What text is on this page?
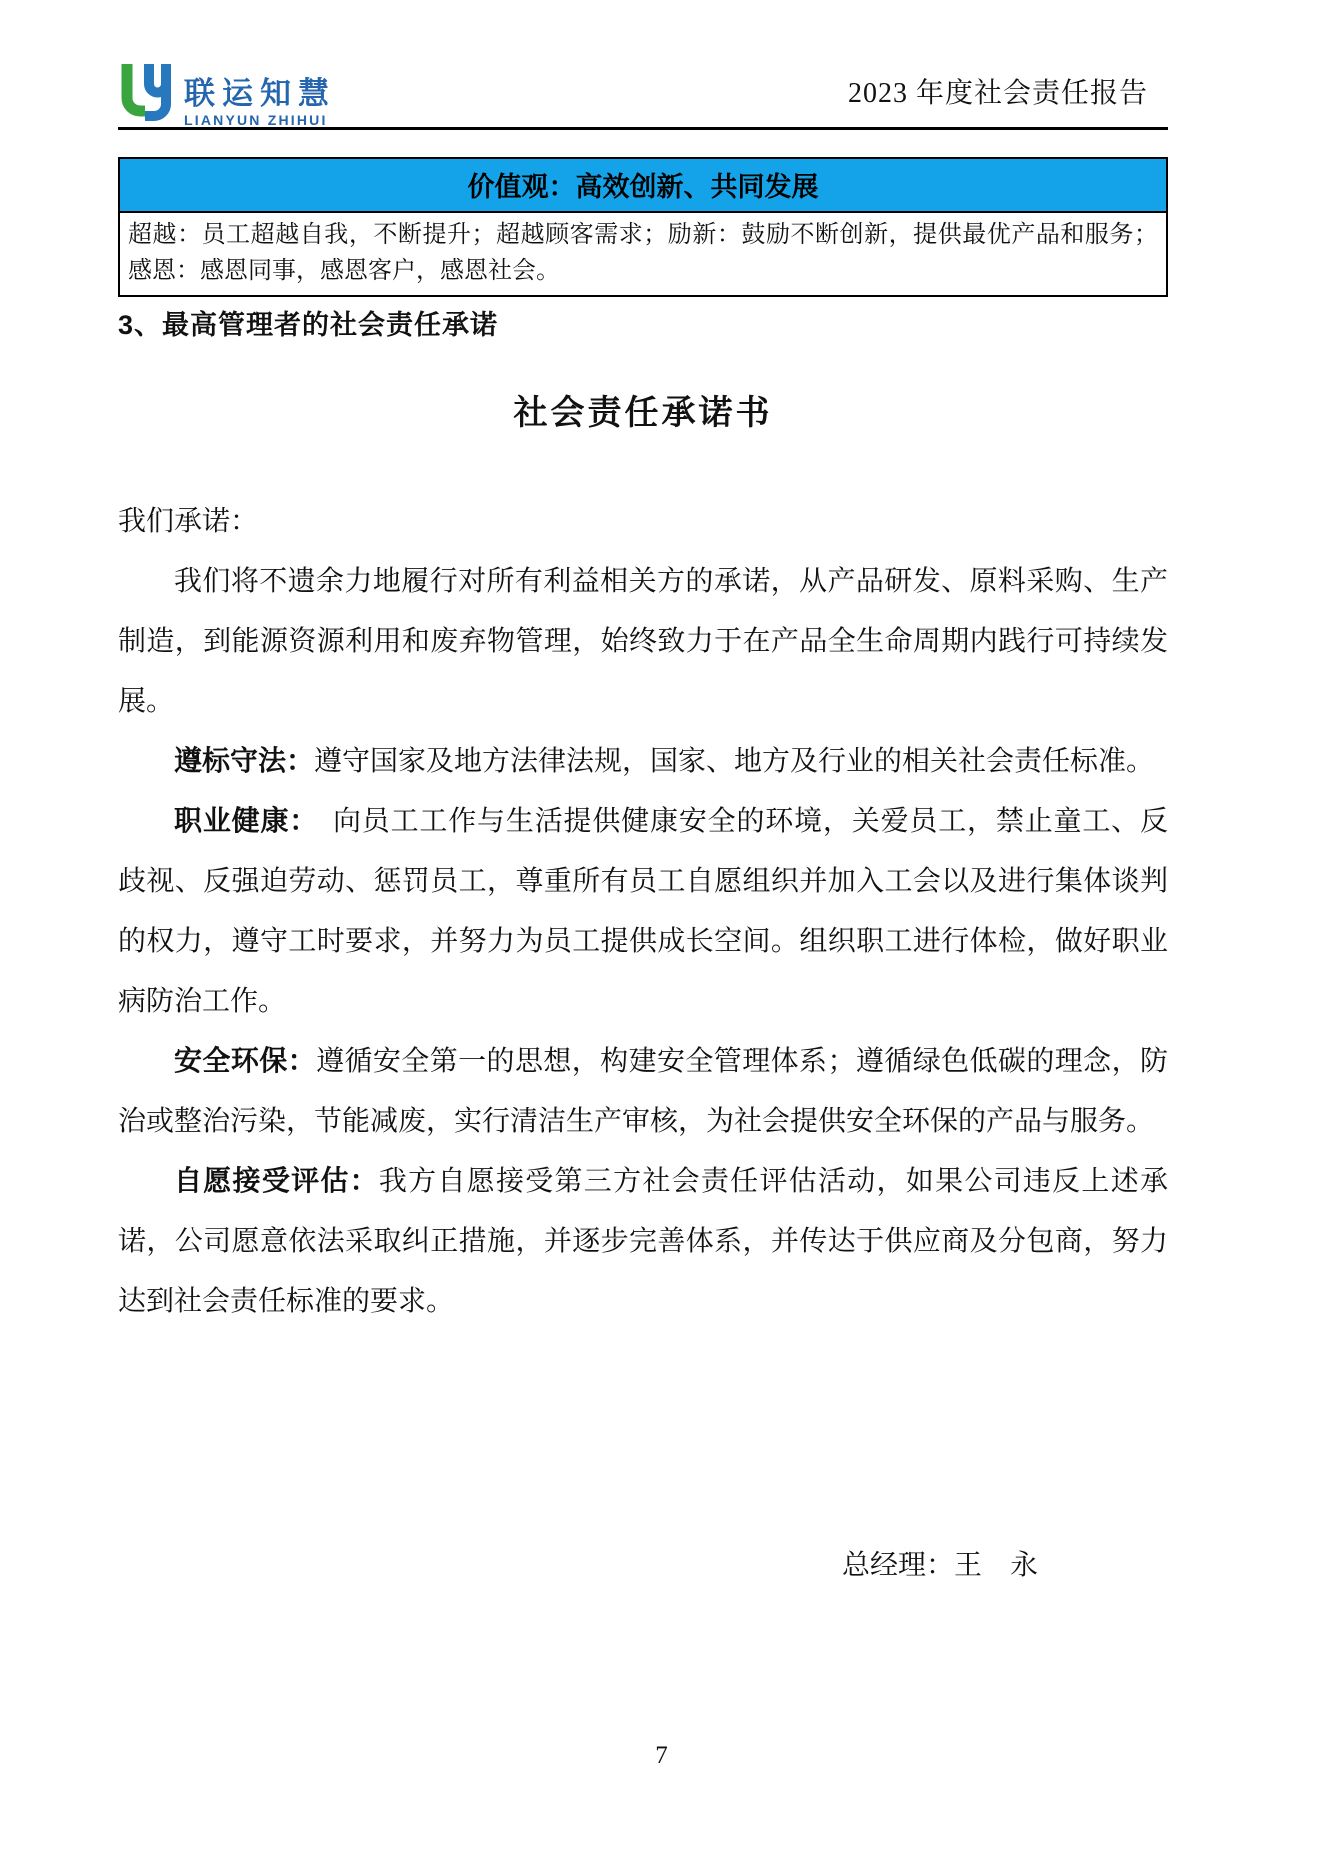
联运知慧
LIANYUN ZHIHUI
2023 年度社会责任报告
价值观：高效创新、共同发展
超越：员工超越自我，不断提升；超越顾客需求；励新：鼓励不断创新，提供最优产品和服务；感恩：感恩同事，感恩客户，感恩社会。
3、最高管理者的社会责任承诺
社会责任承诺书

我们承诺：

我们将不遗余力地履行对所有利益相关方的承诺，从产品研发、原料采购、生产制造，到能源资源利用和废弃物管理，始终致力于在产品全生命周期内践行可持续发展。

遵标守法：遵守国家及地方法律法规，国家、地方及行业的相关社会责任标准。

职业健康：　向员工工作与生活提供健康安全的环境，关爱员工，禁止童工、反歧视、反强迫劳动、惩罚员工，尊重所有员工自愿组织并加入工会以及进行集体谈判的权力，遵守工时要求，并努力为员工提供成长空间。组织职工进行体检，做好职业病防治工作。

安全环保：遵循安全第一的思想，构建安全管理体系；遵循绿色低碳的理念，防治或整治污染，节能减废，实行清洁生产审核，为社会提供安全环保的产品与服务。

自愿接受评估：我方自愿接受第三方社会责任评估活动，如果公司违反上述承诺，公司愿意依法采取纠正措施，并逐步完善体系，并传达于供应商及分包商，努力达到社会责任标准的要求。

总经理：王　永
7
